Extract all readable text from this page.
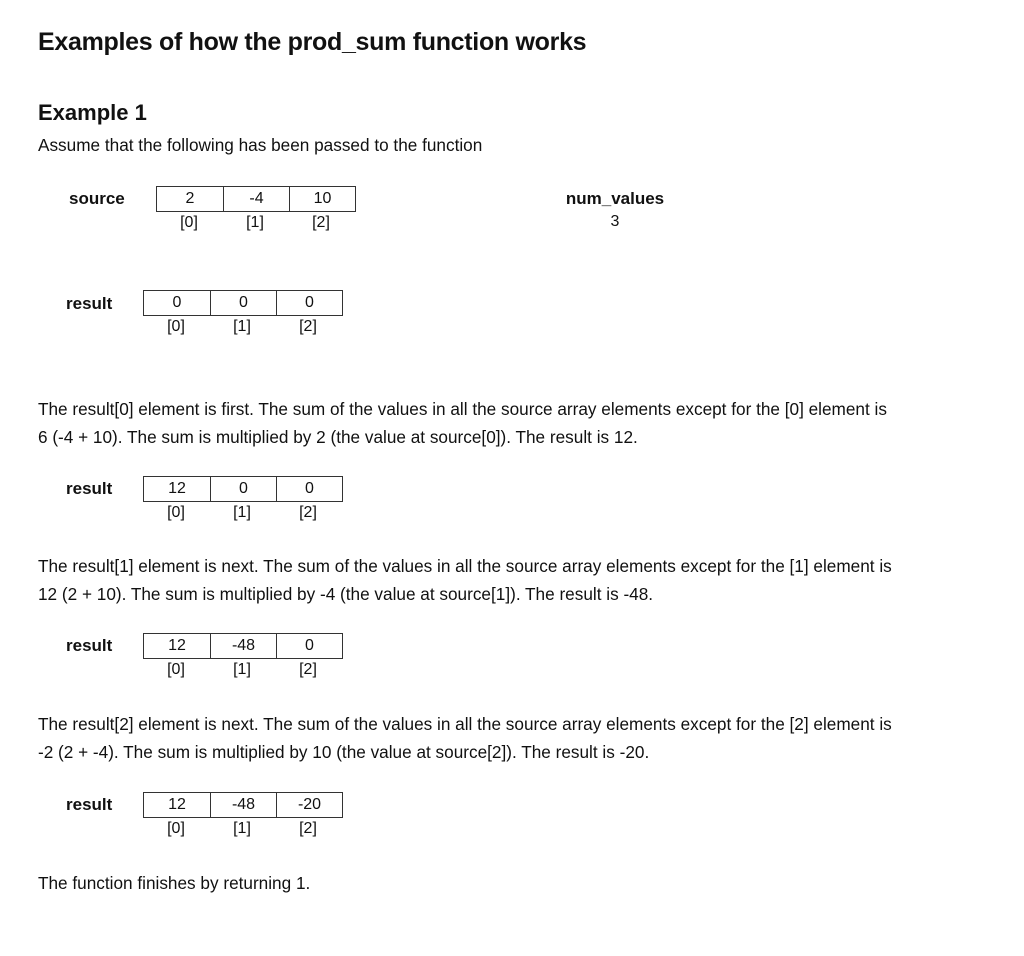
Examples of how the prod_sum function works
Example 1
Assume that the following has been passed to the function
source	2	-4	10
[0]	[1]	[2]
num_values
3
result	0	0	0
[0]	[1]	[2]
The result[0] element is first. The sum of the values in all the source array elements except for the [0] element is
6 (-4 + 10). The sum is multiplied by 2 (the value at source[0]). The result is 12.
result	12	0	0
[0]	[1]	[2]
The result[1] element is next. The sum of the values in all the source array elements except for the [1] element is
12 (2 + 10). The sum is multiplied by -4 (the value at source[1]). The result is -48.
result	12	-48	0
[0]	[1]	[2]
The result[2] element is next. The sum of the values in all the source array elements except for the [2] element is
-2 (2 + -4). The sum is multiplied by 10 (the value at source[2]). The result is -20.
result	12	-48	-20
[0]	[1]	[2]
The function finishes by returning 1.
